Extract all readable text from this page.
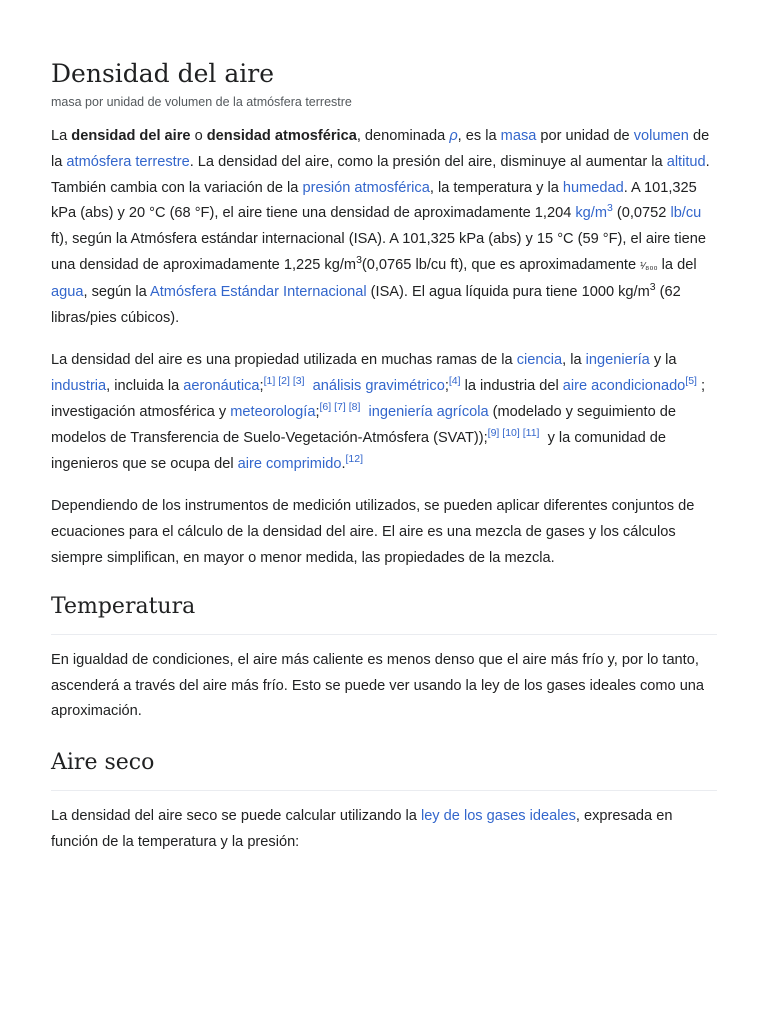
Densidad del aire
masa por unidad de volumen de la atmósfera terrestre

La densidad del aire o densidad atmosférica, denominada ρ, es la masa por unidad de volumen de la atmósfera terrestre. La densidad del aire, como la presión del aire, disminuye al aumentar la altitud. También cambia con la variación de la presión atmosférica, la temperatura y la humedad. A 101,325 kPa (abs) y 20 °C (68 °F), el aire tiene una densidad de aproximadamente 1,204 kg/m$^3$ (0,0752 lb/cu ft), según la Atmósfera estándar internacional (ISA). A 101,325 kPa (abs) y 15 °C (59 °F), el aire tiene una densidad de aproximadamente 1,225 $kg/m^3(0,0765$ lb/cu ft), que es aproximadamente ¹⁄₈₀₀ la del agua, según la Atmósfera Estándar Internacional (ISA). El agua líquida pura tiene 1000 $kg/m^3$ (62 libras/pies cúbicos).

La densidad del aire es una propiedad utilizada en muchas ramas de la ciencia, la ingeniería y la industria, incluida la aeronáutica;[1] [2] [3] análisis gravimétrico;[4] la industria del aire acondicionado[5] ; investigación atmosférica y meteorología;[6] [7] [8] ingeniería agrícola (modelado y seguimiento de modelos de Transferencia de Suelo-Vegetación-Atmósfera (SVAT));[9] [10] [11]  y la comunidad de ingenieros que se ocupa del aire comprimido.[12]

Dependiendo de los instrumentos de medición utilizados, se pueden aplicar diferentes conjuntos de ecuaciones para el cálculo de la densidad del aire. El aire es una mezcla de gases y los cálculos siempre simplifican, en mayor o menor medida, las propiedades de la mezcla.

Temperatura

En igualdad de condiciones, el aire más caliente es menos denso que el aire más frío y, por lo tanto, ascenderá a través del aire más frío. Esto se puede ver usando la ley de los gases ideales como una aproximación.

Aire seco

La densidad del aire seco se puede calcular utilizando la ley de los gases ideales, expresada en función de la temperatura y la presión:
